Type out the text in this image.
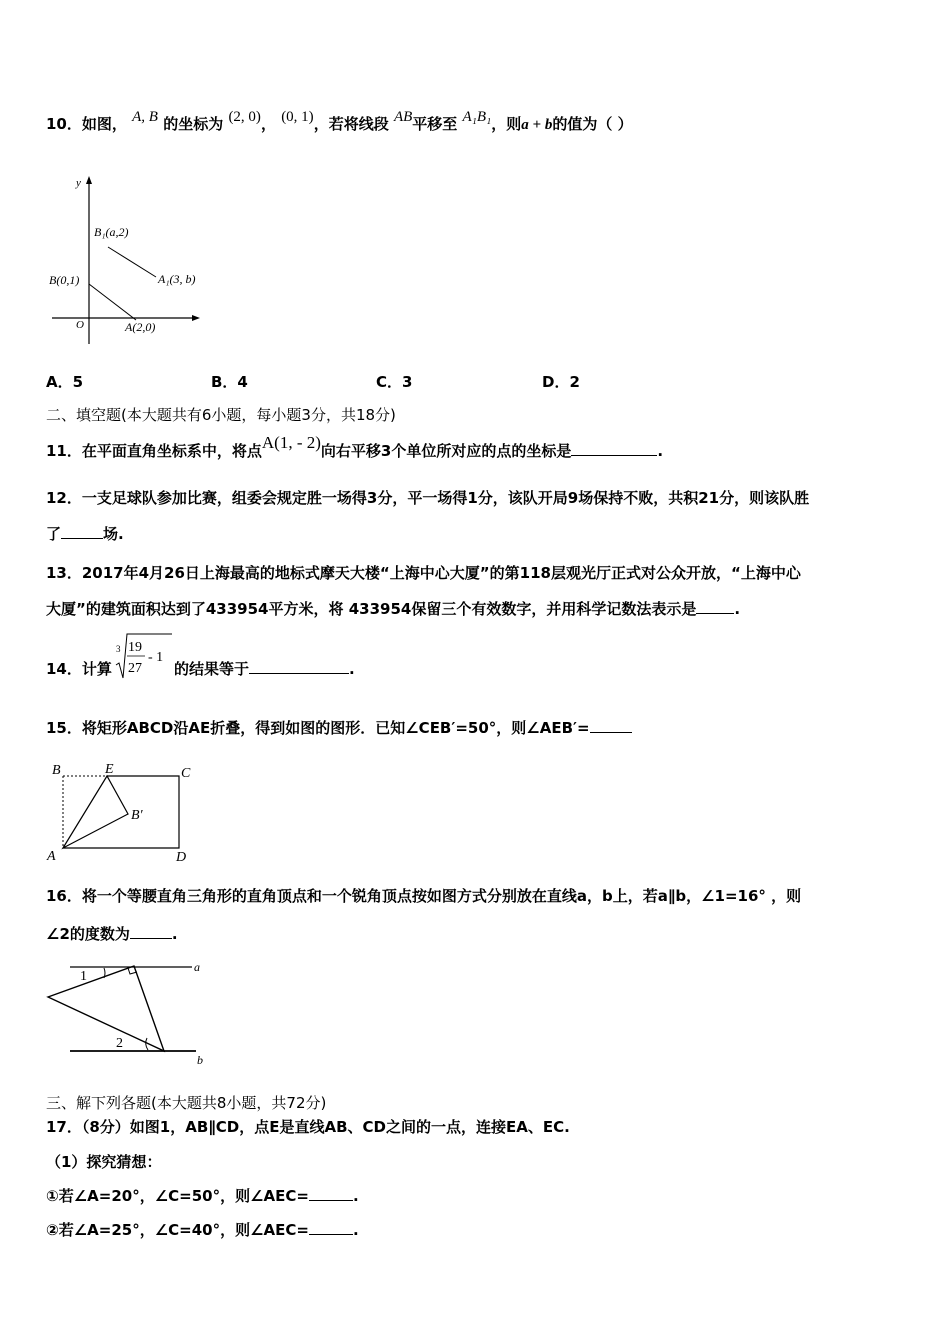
10．如图， A, B 的坐标为 (2, 0)， (0, 1)，若将线段 AB平移至 A₁B₁，则a + b的值为（ ）
y
O
B₁(a,2)
A₁(3, b)
B(0,1)
A(2,0)
A．5	B．4	C．3	D．2
二、填空题(本大题共有6小题，每小题3分，共18分)
11．在平面直角坐标系中，将点A(1, - 2)向右平移3个单位所对应的点的坐标是	.
12．一支足球队参加比赛，组委会规定胜一场得3分，平一场得1分，该队开局9场保持不败，共积21分，则该队胜
了	场.
13．2017年4月26日上海最高的地标式摩天大楼“上海中心大厦”的第118层观光厅正式对公众开放，“上海中心
大厦”的建筑面积达到了433954平方米，将 433954保留三个有效数字，并用科学记数法表示是	.
14．计算
3 19
27
- 1
的结果等于	.
15．将矩形ABCD沿AE折叠，得到如图的图形．已知∠CEB′=50°，则∠AEB′=
B	E	C
B′
A	D
16．将一个等腰直角三角形的直角顶点和一个锐角顶点按如图方式分别放在直线a，b上，若a∥b，∠1=16° ，则
∠2的度数为	.
1
2
a
b
三、解下列各题(本大题共8小题，共72分)
17．（8分）如图1，AB∥CD，点E是直线AB、CD之间的一点，连接EA、EC.
（1）探究猜想：
①若∠A=20°，∠C=50°，则∠AEC=	.
②若∠A=25°，∠C=40°，则∠AEC=	.
